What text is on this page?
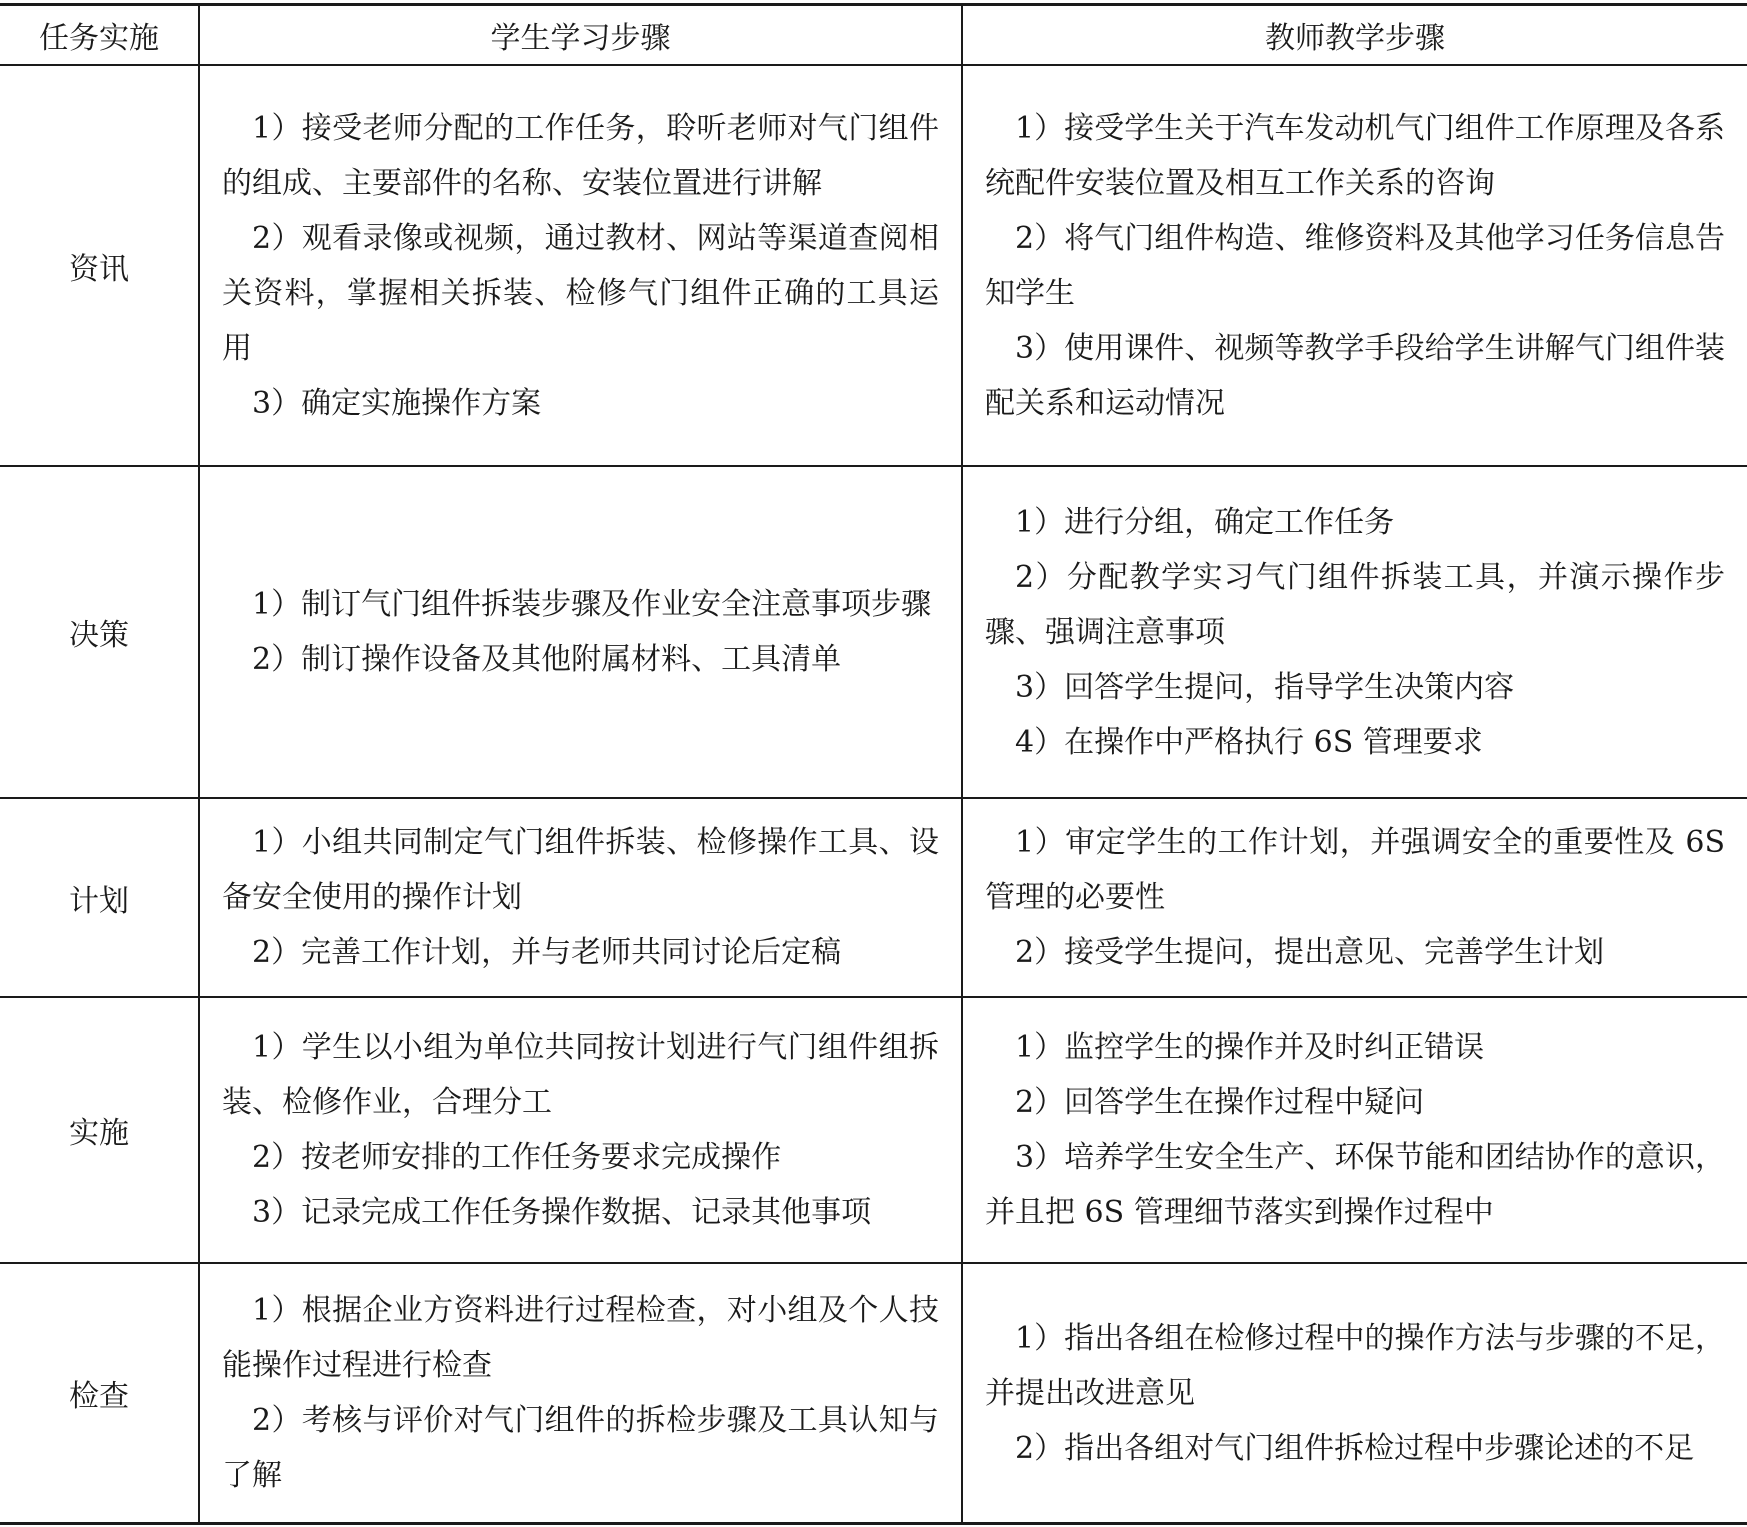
任务实施	学生学习步骤	教师教学步骤
资讯

1）接受老师分配的工作任务，聆听老师对气门组件的组成、主要部件的名称、安装位置进行讲解

2）观看录像或视频，通过教材、网站等渠道查阅相关资料，掌握相关拆装、检修气门组件正确的工具运用

3）确定实施操作方案

1）接受学生关于汽车发动机气门组件工作原理及各系统配件安装位置及相互工作关系的咨询

2）将气门组件构造、维修资料及其他学习任务信息告知学生

3）使用课件、视频等教学手段给学生讲解气门组件装配关系和运动情况

决策

1）制订气门组件拆装步骤及作业安全注意事项步骤

2）制订操作设备及其他附属材料、工具清单

1）进行分组，确定工作任务

2）分配教学实习气门组件拆装工具，并演示操作步骤、强调注意事项

3）回答学生提问，指导学生决策内容

4）在操作中严格执行 6S 管理要求

计划

1）小组共同制定气门组件拆装、检修操作工具、设备安全使用的操作计划

2）完善工作计划，并与老师共同讨论后定稿

1）审定学生的工作计划，并强调安全的重要性及 6S 管理的必要性

2）接受学生提问，提出意见、完善学生计划

实施

1）学生以小组为单位共同按计划进行气门组件组拆装、检修作业，合理分工

2）按老师安排的工作任务要求完成操作

3）记录完成工作任务操作数据、记录其他事项

1）监控学生的操作并及时纠正错误

2）回答学生在操作过程中疑问

3）培养学生安全生产、环保节能和团结协作的意识，并且把 6S 管理细节落实到操作过程中

检查

1）根据企业方资料进行过程检查，对小组及个人技能操作过程进行检查

2）考核与评价对气门组件的拆检步骤及工具认知与了解

1）指出各组在检修过程中的操作方法与步骤的不足，并提出改进意见

2）指出各组对气门组件拆检过程中步骤论述的不足
